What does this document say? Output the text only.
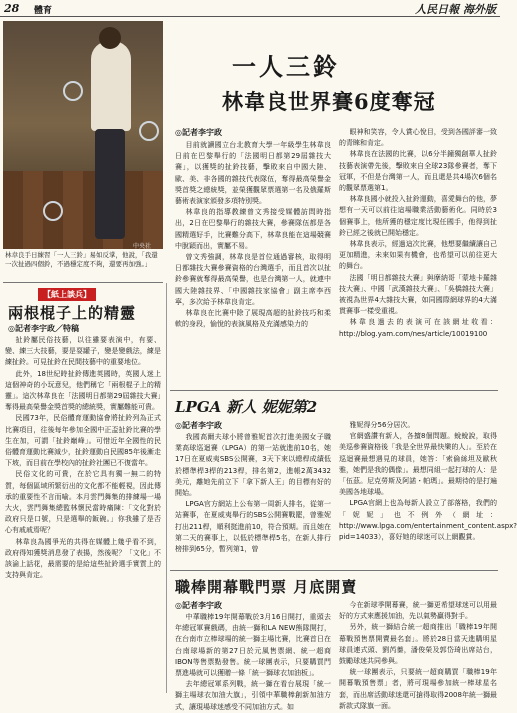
28 體育	人民日報 海外版
中央社
林韋良手日練習「一人三鈴」易如反掌，他說，「我還一次扯過四個鈴，不過穩定度不夠，還要再加強。」
一人三鈴
林韋良世界賽6度奪冠
◎記者李宇政

目前就讀國立台北教育大學一年級學生林韋良日前在巴黎舉行的「法國明日都第29屆雜技大賽」，以獲獎的扯鈴技藝，擊敗來自中國大陸、歐、美、非各國的雜技代表隊伍，奪得最高榮譽金獎首獎之總統獎，並榮獲觀眾票選第一名及俄羅斯藝術表演家頒發多項特別獎。

林韋良的指導教練曾文秀接受媒體訪問時指出，2日在巴黎舉行的雜技大賽，參賽隊伍都是各國精選好手，比賽難分高下，林韋良能在這場競賽中脫穎而出，實屬不易。

曾文秀強調，林韋良是首位通過審核，取得明日都雜技大賽參賽資格的台灣選手，而且首次以扯鈴參賽就奪得最高榮譽，也是台灣第一人，就連中國大陸雜技界、「中國雜技家協會」副主席李西寧，多次給予林韋良肯定。

林韋良在比賽中除了展現高超的扯鈴技巧和柔軟的身段，愉悅的表演風格及充滿感染力的

眼神和笑容，令人賞心悅目，受到各國評審一致的青睞和肯定。

林韋良在法國的比賽，以6分半鐘獨創華人扯鈴技藝表演帶先後，擊敗來自全球23隊參賽者，奪下冠軍，不但是台灣第一人，而且還是共4場次6個名的觀眾票選第1。

林韋良國小就投入扯鈴運動，喜愛舞台的他，夢想有一天可以前往這場職業活動藝術化。同時於3個賽事上，他所獲的穩定度比現任國手，他得到扯鈴已經之後就已開始穩定。

林韋良表示，經過這次比賽，他想要繼續讓自己更加精進，未來如果有機會，也希望可以前往更大的舞台。

法國「明日都雜技大賽」與摩納哥「蒙地卡羅雜技大賽」、中國「武漢雜技大賽」、「吳橋雜技大賽」被視為世界4大雜技大賽，如同國際網球界的4大滿貫賽事一樣受重視。

林韋良過去的表演可在該網址收看：http://blog.yam.com/nes/article/10019100

【紙上談兵】
兩根棍子上的精靈
◎記者李宇政／特稿

扯鈴屬民俗技藝，以往雖要表演中，有要、變、練三大技藝，要是耍罐子，變是變戲法，練是練扯鈴。可見扯鈴在民間技藝中的重要地位。

此外，18世紀時扯鈴傳進英國時，英國人迷上這個神奇的小玩意兒，他們稱它「兩根棍子上的精靈」。這次林韋良在「法國明日都第29屆雜技大賽」奪得最高榮譽金獎首獎的總統獎，實屬難能可貴。

民國73年，民俗體育運動協會將扯鈴列為正式比賽項目，往後每年參加全國中正盃扯鈴比賽的學生在加，可謂「扯鈴巔峰」。可惜近年全國性的民俗體育運動比賽減少，扯鈴運動自民國85年後漸走下坡，而目前在學校內的扯鈴社團已不復當年。

民俗文化的可貴，在於它具有獨一無二的特質，每個區域所繁衍出的文化都不能輕視，因此傳承的重要性不言而喻。本月雲門舞集的排練場一場大火，雲門舞集總監林懷民當時痛陳：「文化對於政府只是口號，只是選舉的飯碗。」你我雖了是否心有戚戚焉呢？

林韋良為國爭光的共得在媒體上幾乎看不到，政府得知獲獎消息發了表揚，然後呢？「文化」不該淪上話花，最需要的是給這些扯鈴選手實質上的支持與肯定。

LPGA 新人 妮妮第2
◎記者李宇政

我國高爾夫球小將曾雅妮首次打進美國女子職業高球巡迴賽（LPGA）的第一站就進前10名，她17日在夏威夷SBS公開賽，3天下來以總桿成績低於標準桿3桿的213桿，排名第2，進帳2萬3432美元，離她先前立下「拿下新人王」的目標有好的開始。

LPGA官方網站上公布第一周新人排名，從第一站賽事，在夏威夷舉行的SBS公開賽戰罷，曾雅妮打出211桿，順利挺進前10，符合預期。而且她在第二天的賽事上，以低於標準桿5名，在新人排行榜排到65分，暫列第1，曾

雅妮得分56分居次。

官網盛讚有新人，各擅8個問題。蛻蛻說，取得美巡參賽資格後「我是全世界最快樂的人」。至於在巡迴賽最想遇見的球員，她答：「索倫絲坦及歐秋雅，她們是我的偶像」。最想同組一起打球的人：是「伍茲。尼克勞斯及阿諾・帕瑪」。最期待的是打遍美國各地球場。

LPGA官網上也為每新人設立了部落格，我們的「妮妮」也不例外（網址：http://www.lpga.com/entertainment_content.aspx?pid=14033），喜好她的球迷可以上網觀賞。

職棒開幕戰門票 月底開賣
◎記者李宇政

中華職棒19年開幕戰於3月16日開打，重頭去年總冠軍賽戲碼，由統一獅和LA NEW熊隊開打，在台南市立棒球場的統一獅主場比賽，比賽首日在台南球場新的第27日於元風售票網、統一超商IBON等售票點發售。統一球團表示，只要購買門票進場就可以獲贈一條「統一獅球衣加油板」。

去年總冠軍系列戰，統一獅在看台展現「統一獅主場球衣加油大旗」，引領中華職棒創新加油方式，讓現場球迷感受不同加油方式。如

今在新球季開幕賽，統一獅更希望球迷可以用最好的方式來應援加油，先以氣勢贏得對手。

另外，統一獅結合統一超商推出「職棒19年開幕戰預售票開賣最名套」。將於28日當天進購明星球員連式頭、劉芮蓁，潘俊榮及郭岱琦出席站台，鼓勵球迷共同參與。

統一球團表示，只要統一超商購買「職棒19年開幕戰預售票」者，將可現場參加統一棒球星名套，而出席活動球迷還可搶得取得2008年統一獅最新款式隊旗一面。
